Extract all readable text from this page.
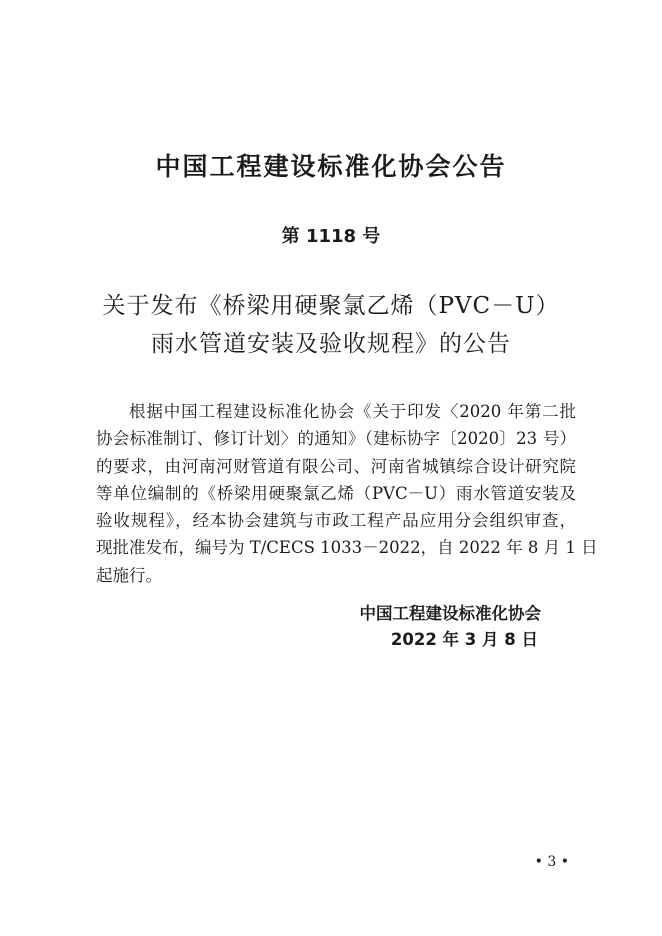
中国工程建设标准化协会公告
第 1118 号
关于发布《桥梁用硬聚氯乙烯（PVC－U）
雨水管道安装及验收规程》的公告
根据中国工程建设标准化协会《关于印发〈2020 年第二批
协会标准制订、修订计划〉的通知》（建标协字〔2020〕23 号）
的要求，由河南河财管道有限公司、河南省城镇综合设计研究院
等单位编制的《桥梁用硬聚氯乙烯（PVC－U）雨水管道安装及
验收规程》，经本协会建筑与市政工程产品应用分会组织审查，
现批准发布，编号为 T/CECS 1033－2022，自 2022 年 8 月 1 日
起施行。
中国工程建设标准化协会
2022 年 3 月 8 日
• 3 •
